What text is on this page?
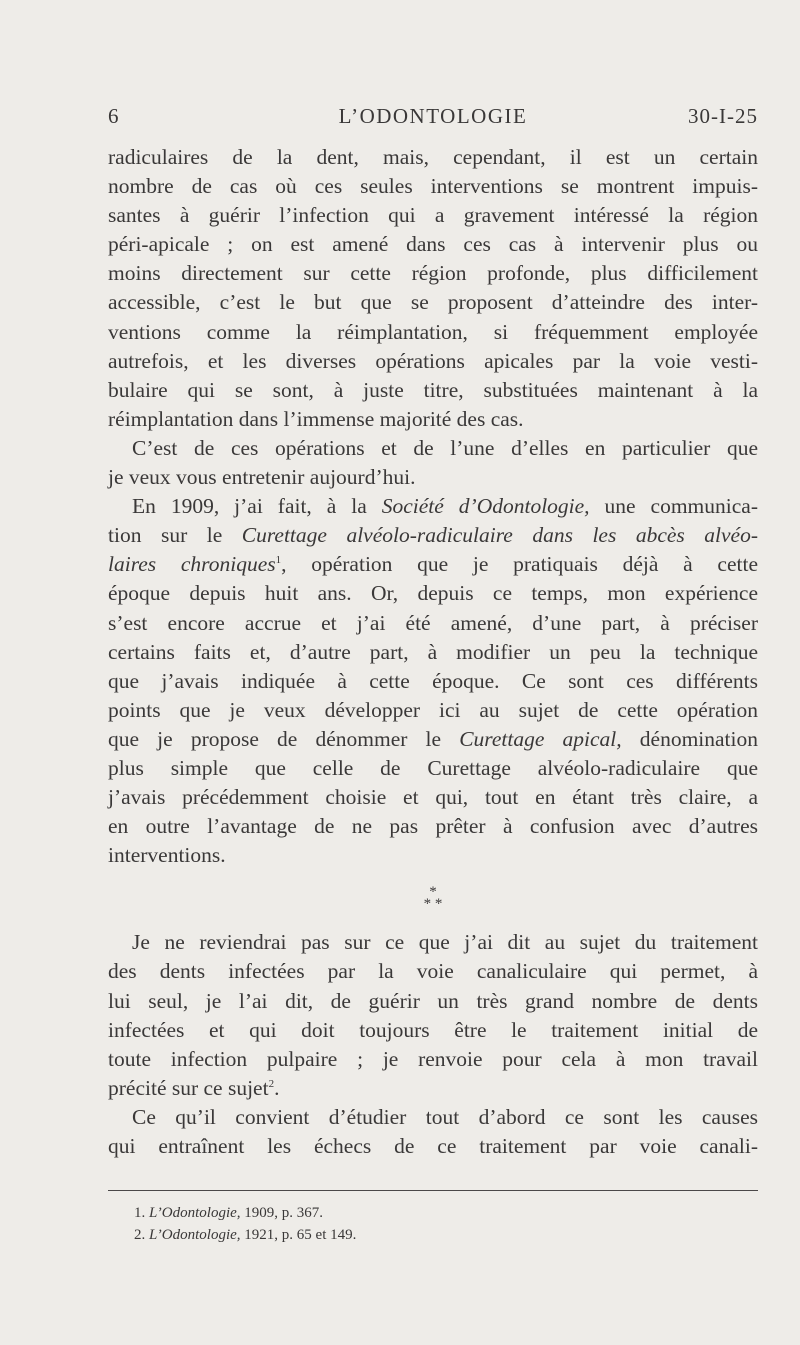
6	L’ODONTOLOGIE	30-I-25
radiculaires de la dent, mais, cependant, il est un certain
nombre de cas où ces seules interventions se montrent impuis-
santes à guérir l’infection qui a gravement intéressé la région
péri-apicale ; on est amené dans ces cas à intervenir plus ou
moins directement sur cette région profonde, plus difficilement
accessible, c’est le but que se proposent d’atteindre des inter-
ventions comme la réimplantation, si fréquemment employée
autrefois, et les diverses opérations apicales par la voie vesti-
bulaire qui se sont, à juste titre, substituées maintenant à la
réimplantation dans l’immense majorité des cas.
C’est de ces opérations et de l’une d’elles en particulier que
je veux vous entretenir aujourd’hui.
En 1909, j’ai fait, à la Société d’Odontologie, une communica-
tion sur le Curettage alvéolo-radiculaire dans les abcès alvéo-
laires chroniques$^1$, opération que je pratiquais déjà à cette
époque depuis huit ans. Or, depuis ce temps, mon expérience
s’est encore accrue et j’ai été amené, d’une part, à préciser
certains faits et, d’autre part, à modifier un peu la technique
que j’avais indiquée à cette époque. Ce sont ces différents
points que je veux développer ici au sujet de cette opération
que je propose de dénommer le Curettage apical, dénomination
plus simple que celle de Curettage alvéolo-radiculaire que
j’avais précédemment choisie et qui, tout en étant très claire, a
en outre l’avantage de ne pas prêter à confusion avec d’autres
interventions.
*
* *
Je ne reviendrai pas sur ce que j’ai dit au sujet du traitement
des dents infectées par la voie canaliculaire qui permet, à
lui seul, je l’ai dit, de guérir un très grand nombre de dents
infectées et qui doit toujours être le traitement initial de
toute infection pulpaire ; je renvoie pour cela à mon travail
précité sur ce sujet$^2$.
Ce qu’il convient d’étudier tout d’abord ce sont les causes
qui entraînent les échecs de ce traitement par voie canali-
1. L’Odontologie, 1909, p. 367.
2. L’Odontologie, 1921, p. 65 et 149.
